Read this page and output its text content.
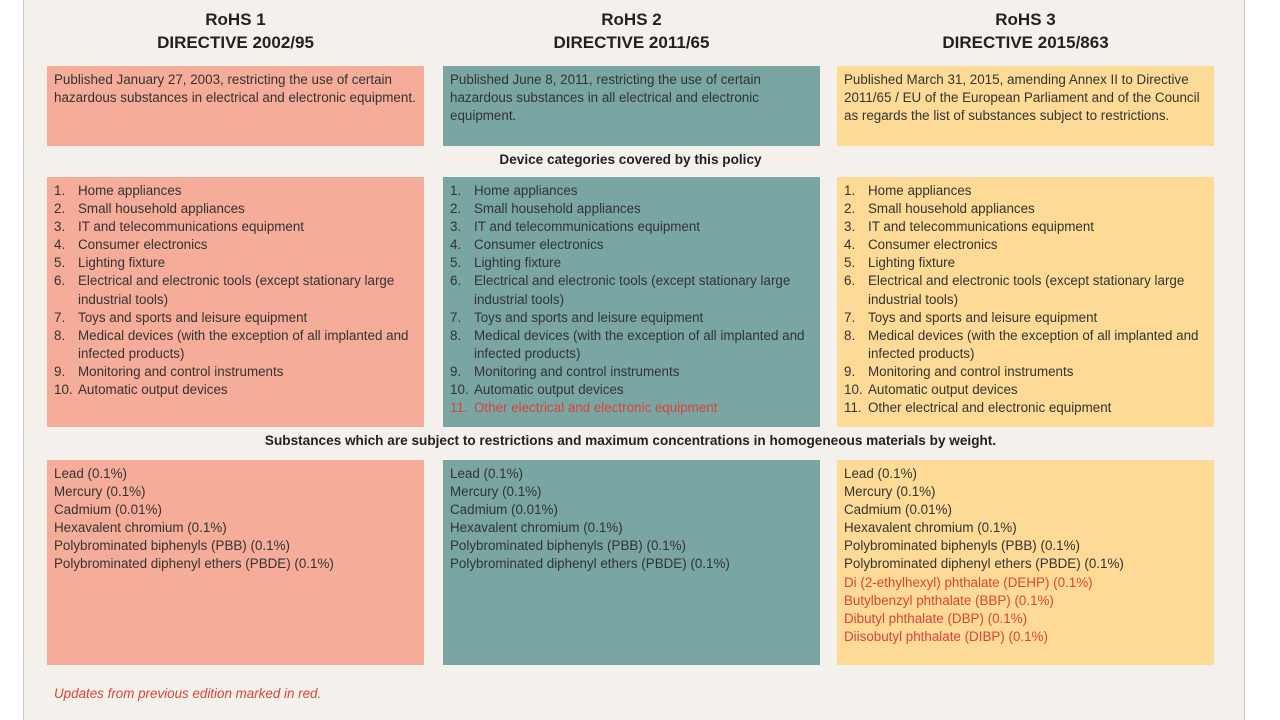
RoHS 1
DIRECTIVE 2002/95
RoHS 2
DIRECTIVE 2011/65
RoHS 3
DIRECTIVE 2015/863
Published January 27, 2003, restricting the use of certain hazardous substances in electrical and electronic equipment.
Published June 8, 2011, restricting the use of certain hazardous substances in all electrical and electronic equipment.
Published March 31, 2015, amending Annex II to Directive 2011/65 / EU of the European Parliament and of the Council as regards the list of substances subject to restrictions.
Device categories covered by this policy
1. Home appliances
2. Small household appliances
3. IT and telecommunications equipment
4. Consumer electronics
5. Lighting fixture
6. Electrical and electronic tools (except stationary large industrial tools)
7. Toys and sports and leisure equipment
8. Medical devices (with the exception of all implanted and infected products)
9. Monitoring and control instruments
10. Automatic output devices
1. Home appliances
2. Small household appliances
3. IT and telecommunications equipment
4. Consumer electronics
5. Lighting fixture
6. Electrical and electronic tools (except stationary large industrial tools)
7. Toys and sports and leisure equipment
8. Medical devices (with the exception of all implanted and infected products)
9. Monitoring and control instruments
10. Automatic output devices
11. Other electrical and electronic equipment
1. Home appliances
2. Small household appliances
3. IT and telecommunications equipment
4. Consumer electronics
5. Lighting fixture
6. Electrical and electronic tools (except stationary large industrial tools)
7. Toys and sports and leisure equipment
8. Medical devices (with the exception of all implanted and infected products)
9. Monitoring and control instruments
10. Automatic output devices
11. Other electrical and electronic equipment
Substances which are subject to restrictions and maximum concentrations in homogeneous materials by weight.
Lead (0.1%)
Mercury (0.1%)
Cadmium (0.01%)
Hexavalent chromium (0.1%)
Polybrominated biphenyls (PBB) (0.1%)
Polybrominated diphenyl ethers (PBDE) (0.1%)
Lead (0.1%)
Mercury (0.1%)
Cadmium (0.01%)
Hexavalent chromium (0.1%)
Polybrominated biphenyls (PBB) (0.1%)
Polybrominated diphenyl ethers (PBDE) (0.1%)
Lead (0.1%)
Mercury (0.1%)
Cadmium (0.01%)
Hexavalent chromium (0.1%)
Polybrominated biphenyls (PBB) (0.1%)
Polybrominated diphenyl ethers (PBDE) (0.1%)
Di (2-ethylhexyl) phthalate (DEHP) (0.1%)
Butylbenzyl phthalate (BBP) (0.1%)
Dibutyl phthalate (DBP) (0.1%)
Diisobutyl phthalate (DIBP) (0.1%)
Updates from previous edition marked in red.
